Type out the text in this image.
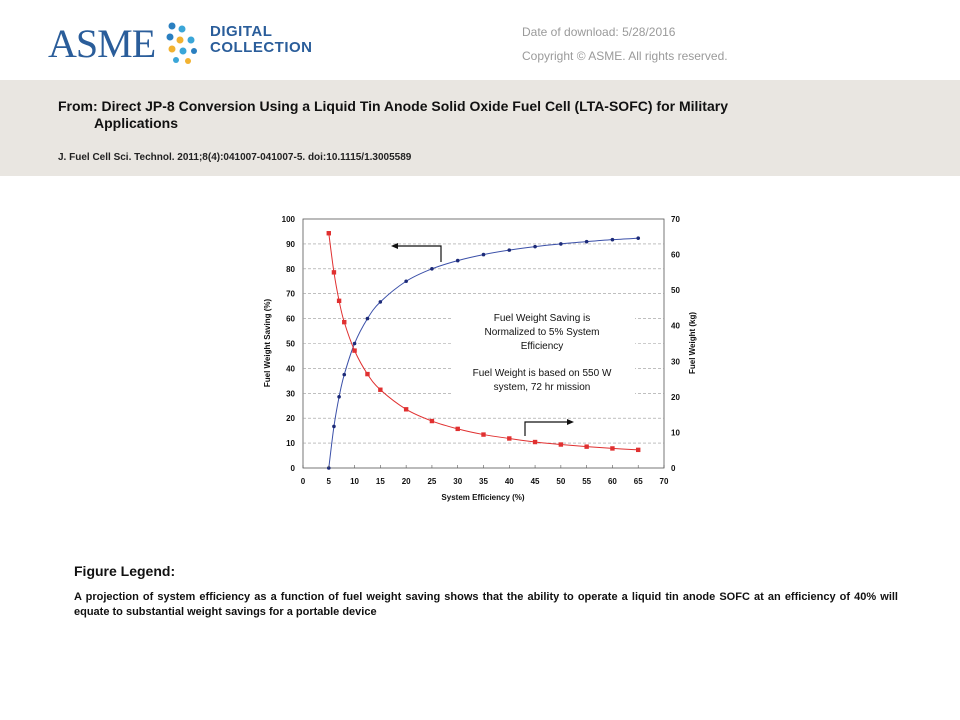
ASME	DIGITAL
COLLECTION
Date of download: 5/28/2016
Copyright © ASME. All rights reserved.
From: Direct JP-8 Conversion Using a Liquid Tin Anode Solid Oxide Fuel Cell (LTA-SOFC) for Military
Applications
J. Fuel Cell Sci. Technol. 2011;8(4):041007-041007-5. doi:10.1115/1.3005589
0	5 10 15 20 25 30 35 40 45 50 55 60 65 70
0
10
20
30
40
50
60
70
80
90
100
0
10
20
30
40
50
60
70
System Efficiency (%)
Fuel Weight Saving (%)	Fuel Weight (kg)
Fuel Weight Saving is
Normalized to 5% System
Efficiency
Fuel Weight is based on 550 W
system, 72 hr mission
Figure Legend:
A projection of system efficiency as a function of fuel weight saving shows that the ability to operate a liquid tin anode SOFC at an efficiency of 40% will equate to substantial weight savings for a portable device
